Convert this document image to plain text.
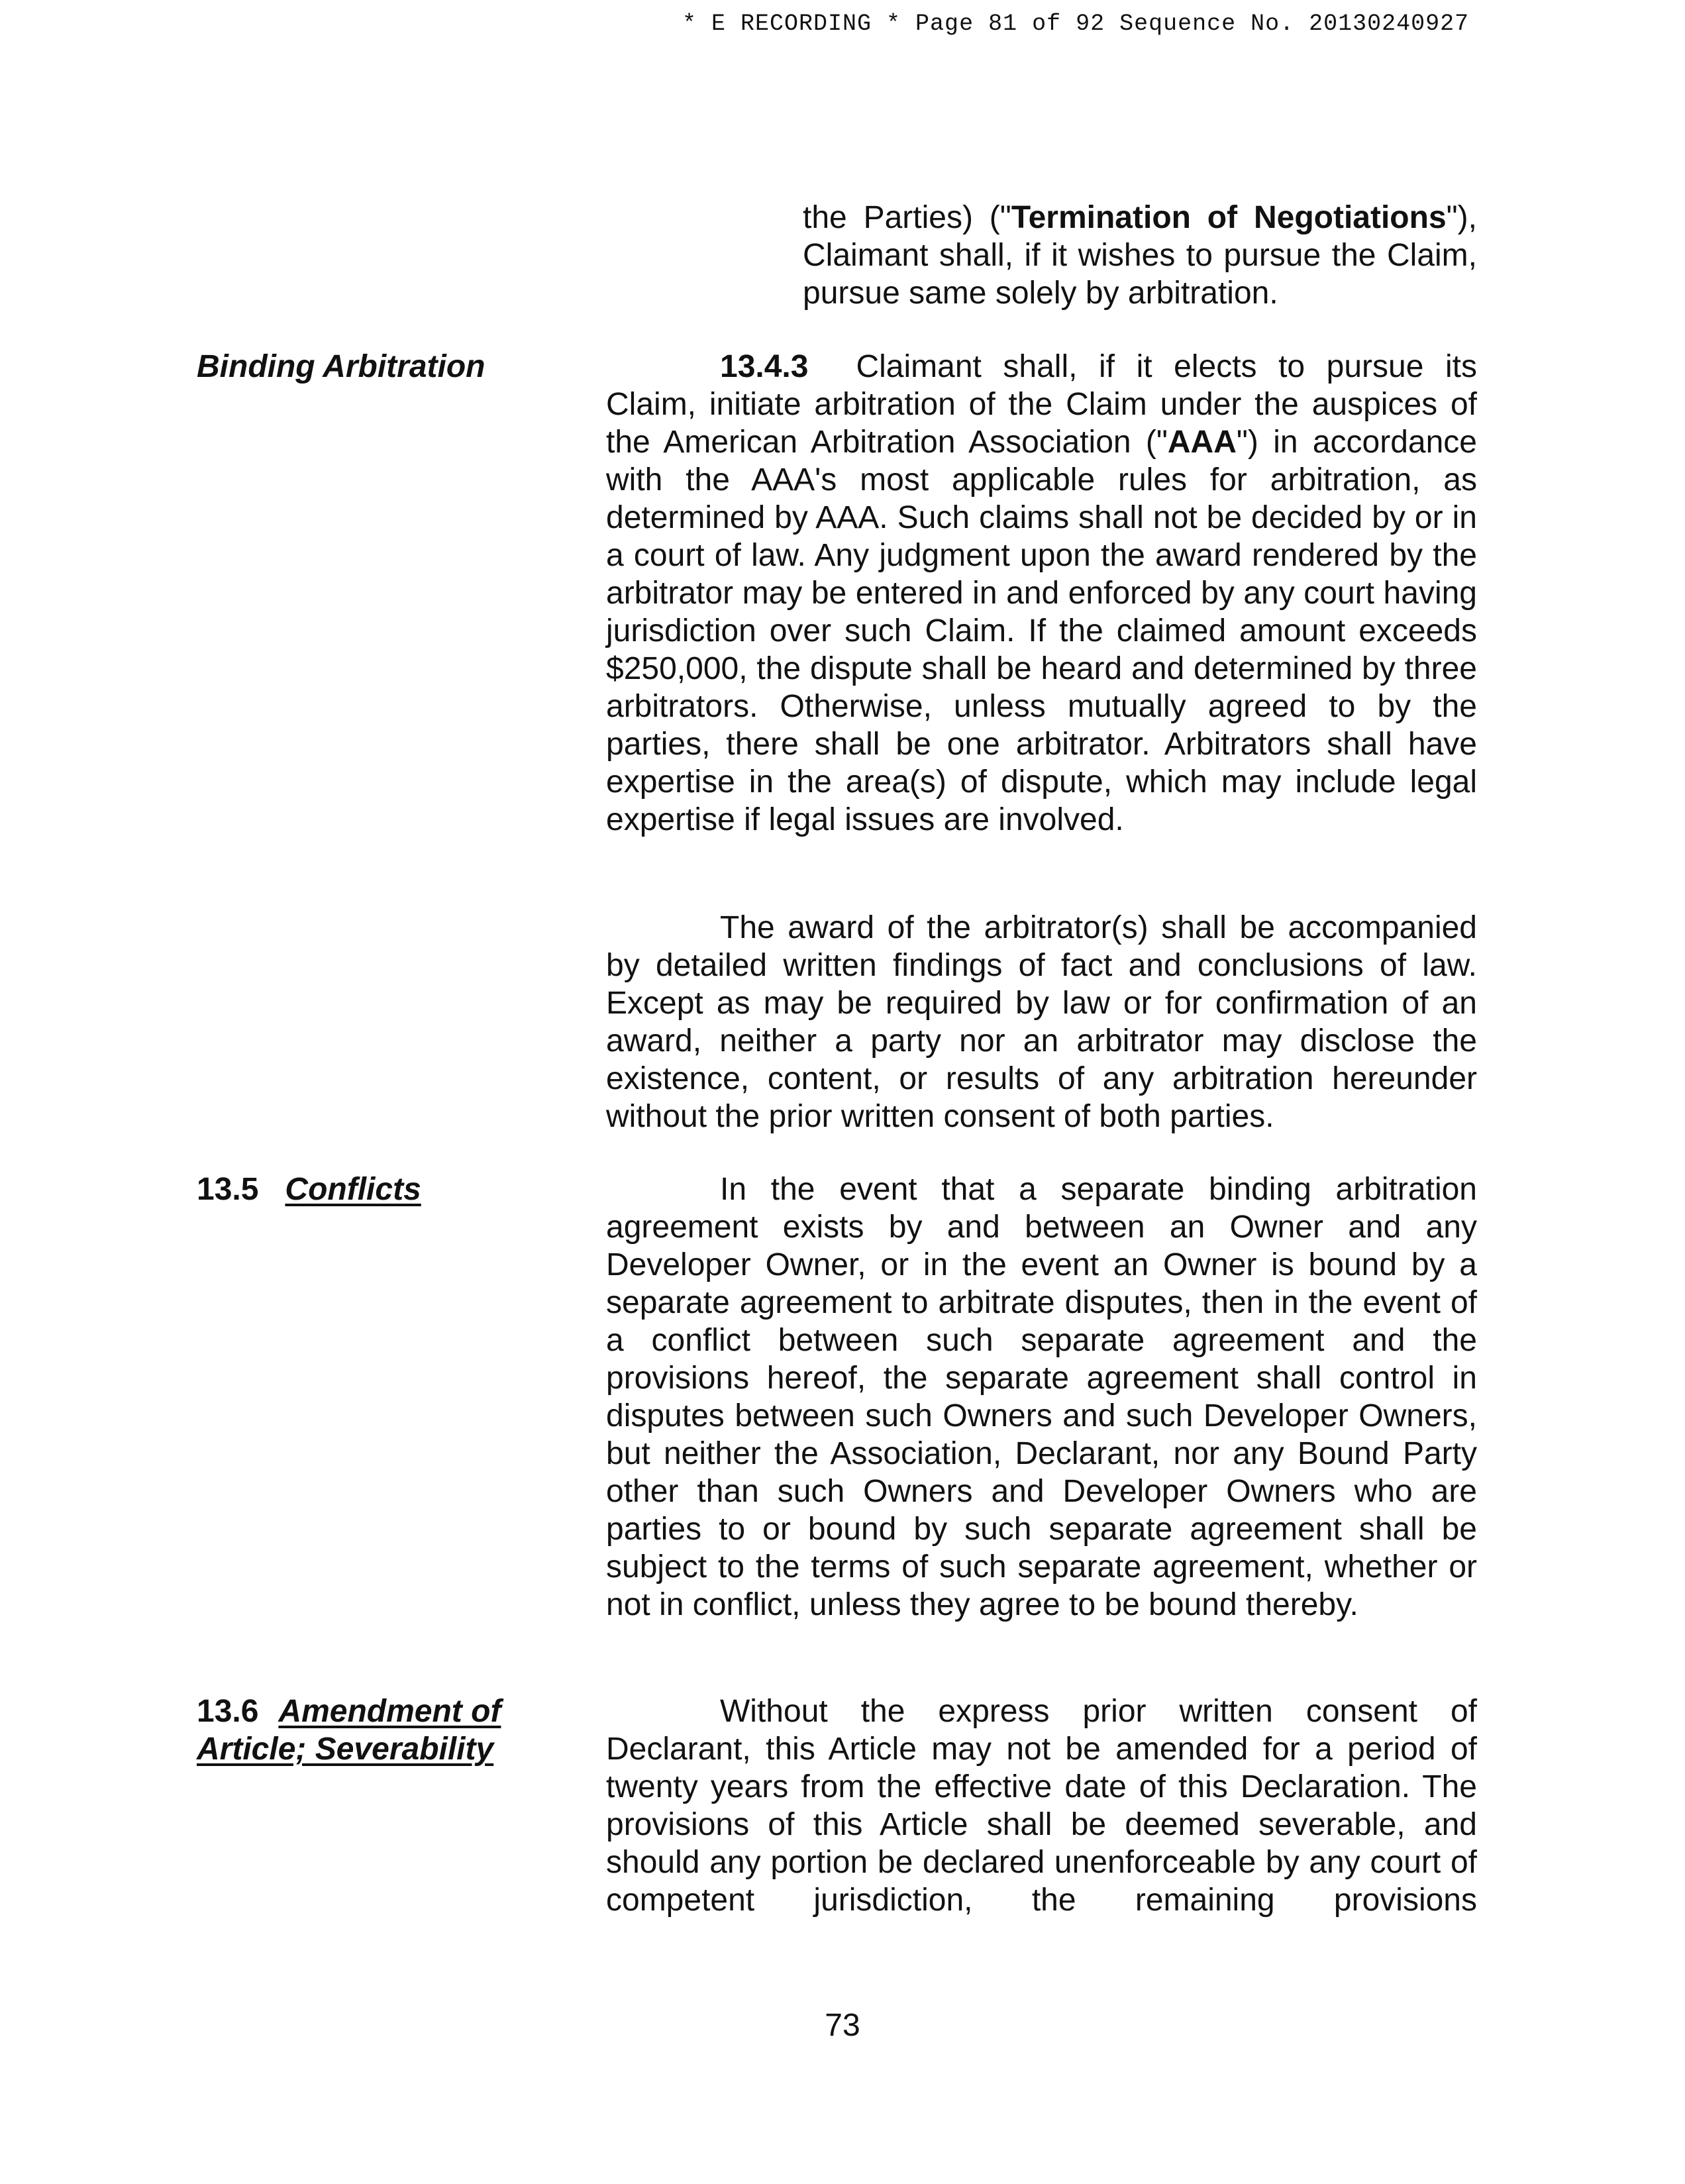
* E RECORDING * Page 81 of 92 Sequence No. 20130240927
the Parties) ("Termination of Negotiations"), Claimant shall, if it wishes to pursue the Claim, pursue same solely by arbitration.
Binding Arbitration	13.4.3 Claimant shall, if it elects to pursue its Claim, initiate arbitration of the Claim under the auspices of the American Arbitration Association ("AAA") in accordance with the AAA's most applicable rules for arbitration, as determined by AAA. Such claims shall not be decided by or in a court of law. Any judgment upon the award rendered by the arbitrator may be entered in and enforced by any court having jurisdiction over such Claim. If the claimed amount exceeds $250,000, the dispute shall be heard and determined by three arbitrators. Otherwise, unless mutually agreed to by the parties, there shall be one arbitrator. Arbitrators shall have expertise in the area(s) of dispute, which may include legal expertise if legal issues are involved.
The award of the arbitrator(s) shall be accompanied by detailed written findings of fact and conclusions of law. Except as may be required by law or for confirmation of an award, neither a party nor an arbitrator may disclose the existence, content, or results of any arbitration hereunder without the prior written consent of both parties.
13.5 Conflicts	In the event that a separate binding arbitration agreement exists by and between an Owner and any Developer Owner, or in the event an Owner is bound by a separate agreement to arbitrate disputes, then in the event of a conflict between such separate agreement and the provisions hereof, the separate agreement shall control in disputes between such Owners and such Developer Owners, but neither the Association, Declarant, nor any Bound Party other than such Owners and Developer Owners who are parties to or bound by such separate agreement shall be subject to the terms of such separate agreement, whether or not in conflict, unless they agree to be bound thereby.
13.6 Amendment of
Article; Severability
Without the express prior written consent of Declarant, this Article may not be amended for a period of twenty years from the effective date of this Declaration. The provisions of this Article shall be deemed severable, and should any portion be declared unenforceable by any court of competent jurisdiction, the remaining provisions
73
